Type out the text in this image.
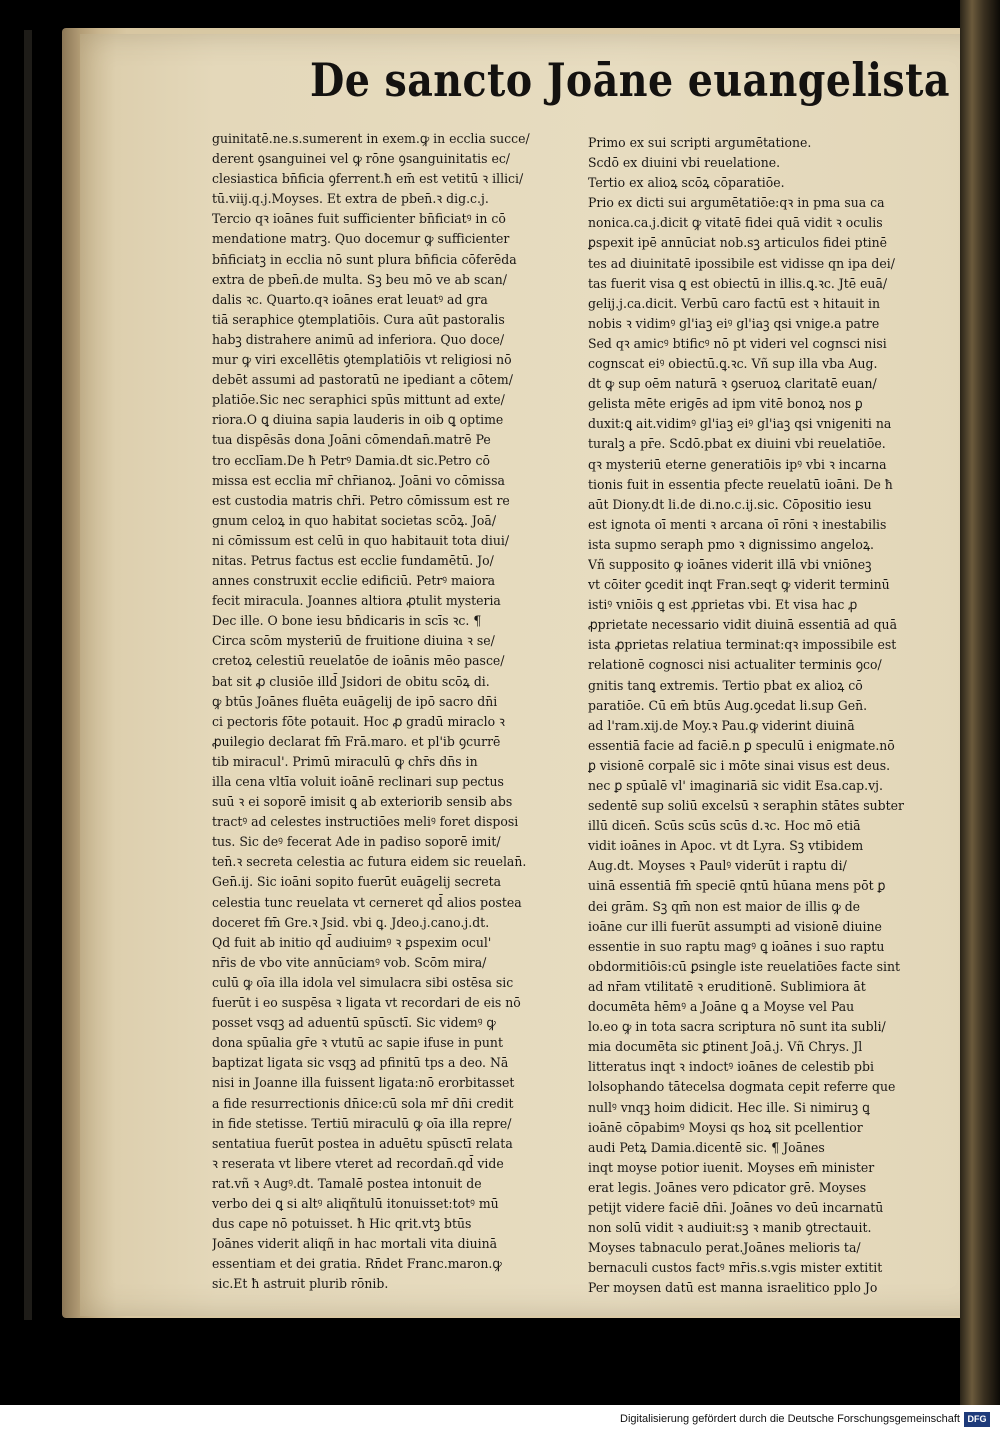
De sancto Joāne euangelista
guinitatē.ne.s.sumerent in exem.ꝙ in ecclia succe∕
derent ꝯsanguinei vel ꝙ rōne ꝯsanguinitatis ec∕
clesiastica bn̄ficia ꝯferrent.ħ em̄ est vetitū ꝛ illici∕
tū.viij.q.j.Moyses. Et extra de pben̄.ꝛ dig.c.j.
Tercio qꝛ ioānes fuit sufficienter bn̄ficiatꝰ in cō
mendatione matrꝫ. Quo docemur ꝙ sufficienter
bn̄ficiatꝫ in ecclia nō sunt plura bn̄ficia cōferēda
extra de pben̄.de multa. Sꝫ beu mō ve ab scan∕
dalis ꝛc. Quarto.qꝛ ioānes erat leuatꝰ ad gra
tiā seraphice ꝯtemplatiōis. Cura aūt pastoralis
habꝫ distrahere animū ad inferiora. Quo doce∕
mur ꝙ viri excellētis ꝯtemplatiōis vt religiosi nō
debēt assumi ad pastoratū ne ipediant a cōtem∕
platiōe.Sic nec seraphici spūs mittunt ad exte∕
riora.O ꝗ diuina sapia lauderis in oib ꝗ optime
tua dispēsās dona Joāni cōmendan̄.matrē Pe
tro ecclīam.De ħ Petrꝰ Damia.dt sic.Petro cō
missa est ecclia mr̄ chr̄ianoꝝ. Joāni vo cōmissa
est custodia matris chr̄i. Petro cōmissum est re
gnum celoꝝ in quo habitat societas scōꝝ. Joā∕
ni cōmissum est celū in quo habitauit tota diui∕
nitas. Petrus factus est ecclie fundamētū. Jo∕
annes construxit ecclie edificiū. Petrꝰ maiora
fecit miracula. Joannes altiora ꝓtulit mysteria
Dec ille. O bone iesu bn̄dicaris in scīs ꝛc. ¶
Circa scōm mysteriū de fruitione diuina ꝛ se∕
cretoꝝ celestiū reuelatōe de ioānis mēo pasce∕
bat sit ꝓ clusiōe illd̄ Jsidori de obitu scōꝝ di.
ꝙ btūs Joānes fluēta euāgelij de ipō sacro dn̄i
ci pectoris fōte potauit. Hoc ꝓ gradū miraclo ꝛ
ꝓuilegio declarat fm̄ Frā.maro. et pl'ib ꝯcurrē
tib miracul'. Primū miraculū ꝙ chr̄s dn̄s in
illa cena vltīa voluit ioānē reclinari sup pectus
suū ꝛ ei soporē imisit ꝗ ab exteriorib sensib abs
tractꝰ ad celestes instructiōes meliꝰ foret disposi
tus. Sic deꝰ fecerat Ade in padiso soporē imit∕
ten̄.ꝛ secreta celestia ac futura eidem sic reuelan̄.
Gen̄.ij. Sic ioāni sopito fuerūt euāgelij secreta
celestia tunc reuelata vt cerneret qd̄ alios postea
doceret fm̄ Gre.ꝛ Jsid. vbi ꝗ. Jdeo.j.cano.j.dt.
Qd fuit ab initio qd̄ audiuimꝰ ꝛ ꝑspexim ocul'
nr̄is de vbo vite annūciamꝰ vob. Scōm mira∕
culū ꝙ oīa illa idola vel simulacra sibi ostēsa sic
fuerūt i eo suspēsa ꝛ ligata vt recordari de eis nō
posset vsqꝫ ad aduentū spūsctī. Sic videmꝰ ꝙ
dona spūalia gr̄e ꝛ vtutū ac sapie ifuse in punt
baptizat ligata sic vsqꝫ ad pfinitū tps a deo. Nā
nisi in Joanne illa fuissent ligata:nō erorbitasset
a fide resurrectionis dn̄ice:cū sola mr̄ dn̄i credit
in fide stetisse. Tertiū miraculū ꝙ oīa illa repre∕
sentatiua fuerūt postea in aduētu spūsctī relata
ꝛ reserata vt libere vteret ad recordan̄.qd̄ vide
rat.vñ ꝛ Augꝰ.dt. Tamalē postea intonuit de
verbo dei ꝗ si altꝰ aliqñtulū itonuisset:totꝰ mū
dus cape nō potuisset. ħ Hic qrit.vtꝫ btūs
Joānes viderit aliqñ in hac mortali vita diuinā
essentiam et dei gratia. Rn̄det Franc.maron.ꝙ
sic.Et ħ astruit plurib rōnib.
Primo ex sui scripti argumētatione.
Scdō ex diuini vbi reuelatione.
Tertio ex alioꝝ scōꝝ cōparatiōe.
Prio ex dicti sui argumētatiōe:qꝛ in pma sua ca
nonica.ca.j.dicit ꝙ vitatē fidei quā vidit ꝛ oculis
ꝑspexit ipē annūciat nob.sꝫ articulos fidei ptinē
tes ad diuinitatē ipossibile est vidisse qn ipa dei∕
tas fuerit visa ꝗ est obiectū in illis.ꝗ.ꝛc. Jtē euā∕
gelij.j.ca.dicit. Verbū caro factū est ꝛ hitauit in
nobis ꝛ vidimꝰ gl'iaꝫ eiꝰ gl'iaꝫ qsi vnige.a patre
Sed qꝛ amicꝰ btificꝰ nō pt videri vel cognsci nisi
cognscat eiꝰ obiectū.ꝗ.ꝛc. Vñ sup illa vba Aug.
dt ꝙ sup oēm naturā ꝛ ꝯseruoꝝ claritatē euan∕
gelista mēte erigēs ad ipm vitē bonoꝝ nos ꝑ
duxit:ꝗ ait.vidimꝰ gl'iaꝫ eiꝰ gl'iaꝫ qsi vnigeniti na
turalꝫ a pr̄e. Scdō.pbat ex diuini vbi reuelatiōe.
qꝛ mysteriū eterne generatiōis ipꝰ vbi ꝛ incarna
tionis fuit in essentia pfecte reuelatū ioāni. De ħ
aūt Diony.dt li.de di.no.c.ij.sic. Cōpositio iesu
est ignota oī menti ꝛ arcana oī rōni ꝛ inestabilis
ista supmo seraph pmo ꝛ dignissimo angeloꝝ.
Vñ supposito ꝙ ioānes viderit illā vbi vniōneꝫ
vt cōiter ꝯcedit inqt Fran.seqt ꝙ viderit terminū
istiꝰ vniōis ꝗ est ꝓprietas vbi. Et visa hac ꝓ
ꝓprietate necessario vidit diuinā essentiā ad quā
ista ꝓprietas relatiua terminat:qꝛ impossibile est
relationē cognosci nisi actualiter terminis ꝯco∕
gnitis tanꝗ extremis. Tertio pbat ex alioꝝ cō
paratiōe. Cū em̄ btūs Aug.ꝯcedat li.sup Gen̄.
ad l'ram.xij.de Moy.ꝛ Pau.ꝙ viderint diuinā
essentiā facie ad faciē.n ꝑ speculū i enigmate.nō
ꝑ visionē corpalē sic i mōte sinai visus est deus.
nec ꝑ spūalē vl' imaginariā sic vidit Esa.cap.vj.
sedentē sup soliū excelsū ꝛ seraphin stātes subter
illū dicen̄. Scūs scūs scūs d.ꝛc. Hoc mō etiā
vidit ioānes in Apoc. vt dt Lyra. Sꝫ vtibidem
Aug.dt. Moyses ꝛ Paulꝰ viderūt i raptu di∕
uinā essentiā fm̄ speciē qntū hūana mens pōt ꝑ
dei grām. Sꝫ qm̄ non est maior de illis ꝙ de
ioāne cur illi fuerūt assumpti ad visionē diuine
essentie in suo raptu magꝰ ꝗ ioānes i suo raptu
obdormitiōis:cū ꝑsingle iste reuelatiōes facte sint
ad nr̄am vtilitatē ꝛ eruditionē. Sublimiora āt
documēta hēmꝰ a Joāne ꝗ a Moyse vel Pau
lo.eo ꝙ in tota sacra scriptura nō sunt ita subli∕
mia documēta sic ꝑtinent Joā.j. Vñ Chrys. Jl
litteratus inqt ꝛ indoctꝰ ioānes de celestib pbi
lolsophando tātecelsa dogmata cepit referre que
nullꝰ vnqꝫ hoim didicit. Hec ille. Si nimiruꝫ ꝗ
ioānē cōpabimꝰ Moysi qs hoꝝ sit pcellentior
audi Petꝝ Damia.dicentē sic. ¶ Joānes
inqt moyse potior iuenit. Moyses em̄ minister
erat legis. Joānes vero pdicator grē. Moyses
petijt videre faciē dn̄i. Joānes vo deū incarnatū
non solū vidit ꝛ audiuit:sꝫ ꝛ manib ꝯtrectauit.
Moyses tabnaculo perat.Joānes melioris ta∕
bernaculi custos factꝰ mr̄is.s.vgis mister extitit
Per moysen datū est manna israelitico pplo Jo
Digitalisierung gefördert durch die Deutsche Forschungsgemeinschaft DFG
